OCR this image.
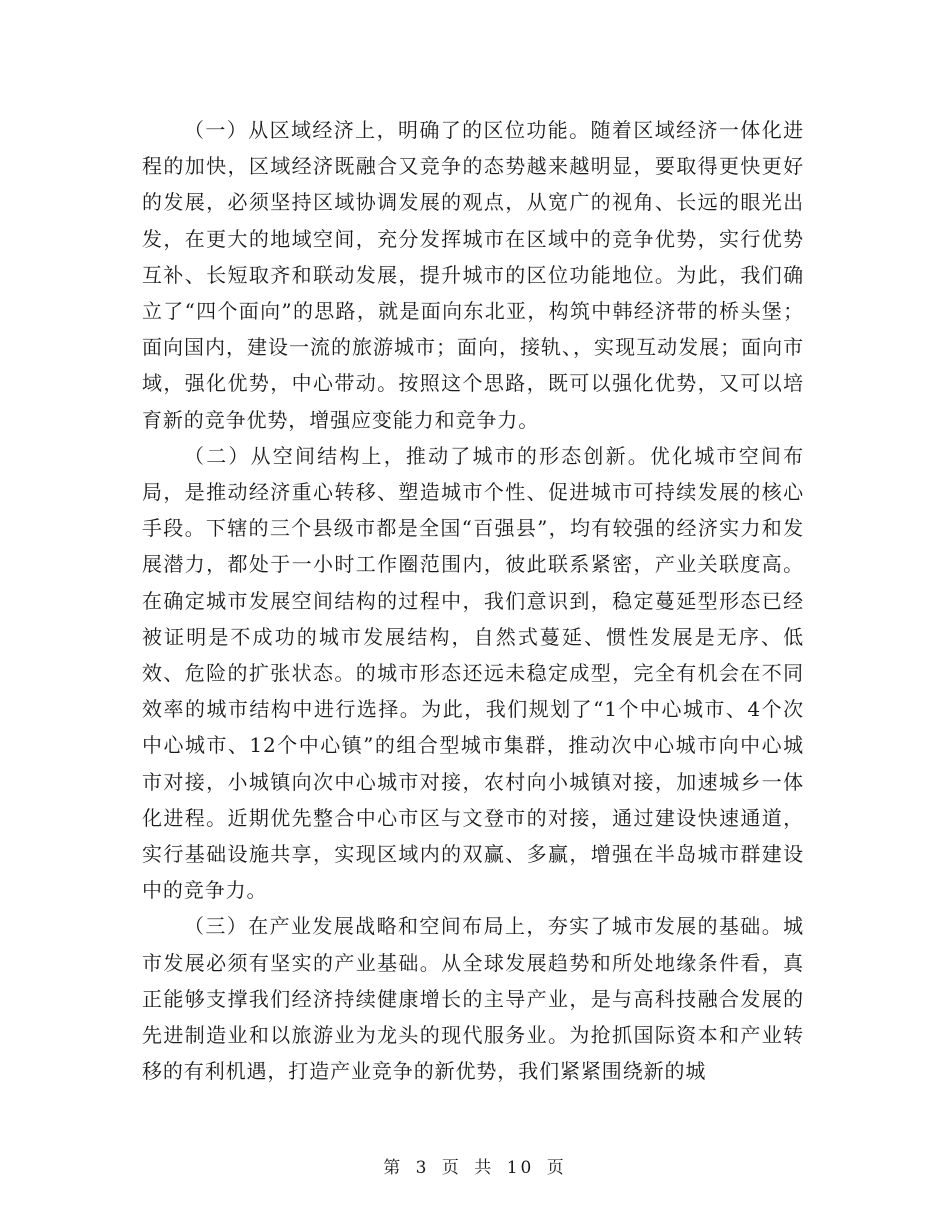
（一）从区域经济上，明确了的区位功能。随着区域经济一体化进程的加快，区域经济既融合又竞争的态势越来越明显，要取得更快更好的发展，必须坚持区域协调发展的观点，从宽广的视角、长远的眼光出发，在更大的地域空间，充分发挥城市在区域中的竞争优势，实行优势互补、长短取齐和联动发展，提升城市的区位功能地位。为此，我们确立了“四个面向”的思路，就是面向东北亚，构筑中韩经济带的桥头堡；面向国内，建设一流的旅游城市；面向，接轨、，实现互动发展；面向市域，强化优势，中心带动。按照这个思路，既可以强化优势，又可以培育新的竞争优势，增强应变能力和竞争力。

（二）从空间结构上，推动了城市的形态创新。优化城市空间布局，是推动经济重心转移、塑造城市个性、促进城市可持续发展的核心手段。下辖的三个县级市都是全国“百强县”，均有较强的经济实力和发展潜力，都处于一小时工作圈范围内，彼此联系紧密，产业关联度高。在确定城市发展空间结构的过程中，我们意识到，稳定蔓延型形态已经被证明是不成功的城市发展结构，自然式蔓延、惯性发展是无序、低效、危险的扩张状态。的城市形态还远未稳定成型，完全有机会在不同效率的城市结构中进行选择。为此，我们规划了“1个中心城市、4个次中心城市、12个中心镇”的组合型城市集群，推动次中心城市向中心城市对接，小城镇向次中心城市对接，农村向小城镇对接，加速城乡一体化进程。近期优先整合中心市区与文登市的对接，通过建设快速通道，实行基础设施共享，实现区域内的双赢、多赢，增强在半岛城市群建设中的竞争力。

（三）在产业发展战略和空间布局上，夯实了城市发展的基础。城市发展必须有坚实的产业基础。从全球发展趋势和所处地缘条件看，真正能够支撑我们经济持续健康增长的主导产业，是与高科技融合发展的先进制造业和以旅游业为龙头的现代服务业。为抢抓国际资本和产业转移的有利机遇，打造产业竞争的新优势，我们紧紧围绕新的城

第 3 页 共 10 页
